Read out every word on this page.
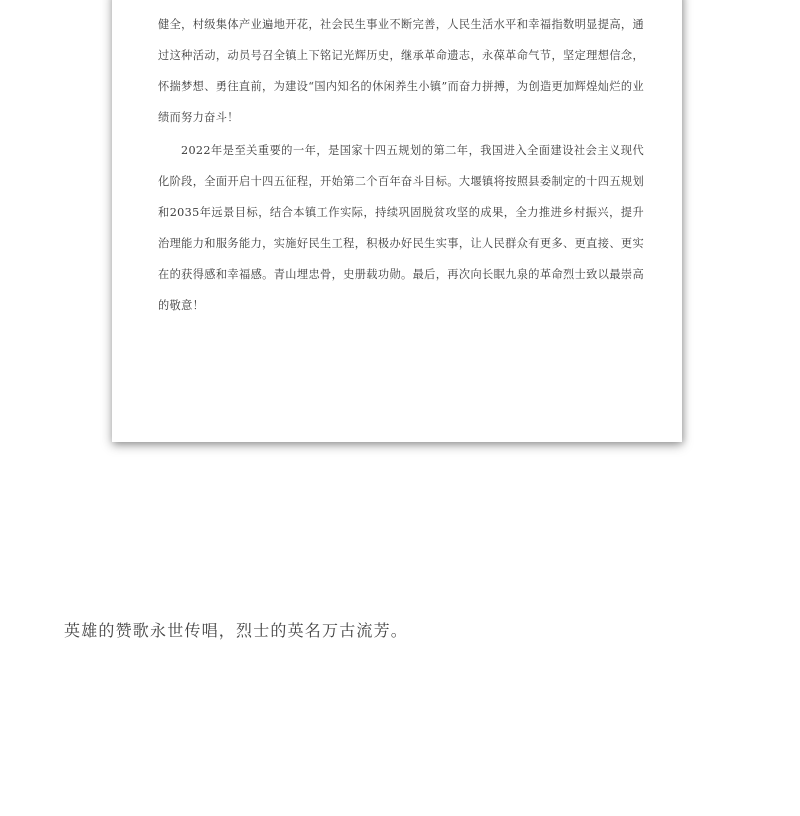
健全，村级集体产业遍地开花，社会民生事业不断完善，人民生活水平和幸福指数明显提高，通过这种活动，动员号召全镇上下铭记光辉历史，继承革命遗志，永葆革命气节，坚定理想信念，怀揣梦想、勇往直前，为建设“国内知名的休闲养生小镇”而奋力拼搏，为创造更加辉煌灿烂的业绩而努力奋斗！

2022年是至关重要的一年，是国家十四五规划的第二年，我国进入全面建设社会主义现代化阶段，全面开启十四五征程，开始第二个百年奋斗目标。大堰镇将按照县委制定的十四五规划和2035年远景目标，结合本镇工作实际，持续巩固脱贫攻坚的成果，全力推进乡村振兴，提升治理能力和服务能力，实施好民生工程，积极办好民生实事，让人民群众有更多、更直接、更实在的获得感和幸福感。青山埋忠骨，史册载功勋。最后，再次向长眠九泉的革命烈士致以最崇高的敬意！

英雄的赞歌永世传唱，烈士的英名万古流芳。
